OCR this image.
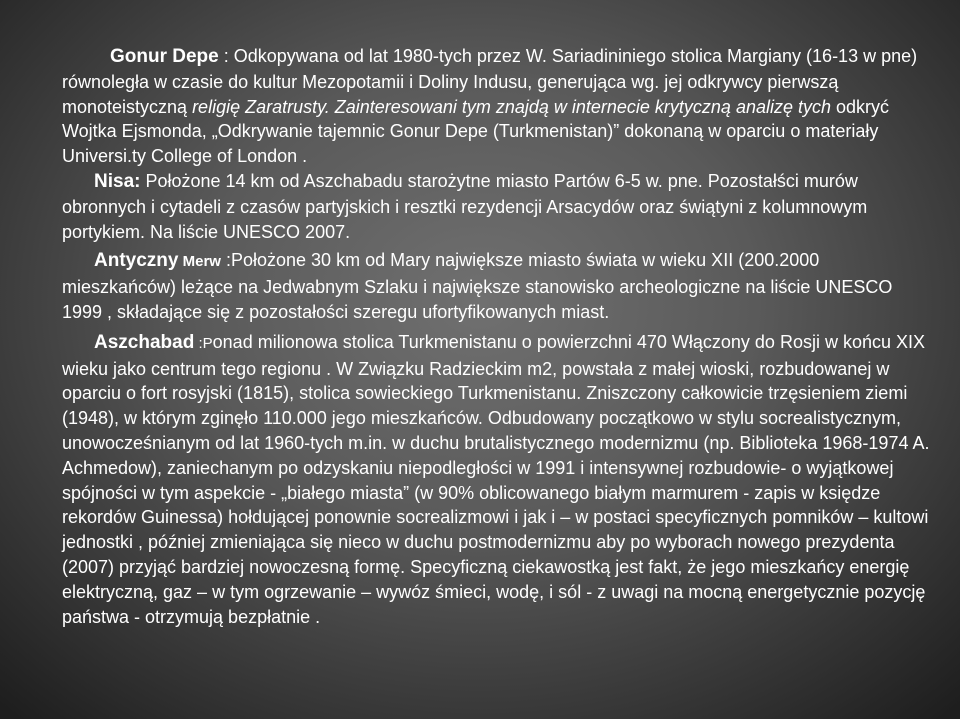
Gonur Depe : Odkopywana od lat 1980-tych przez W. Sariadininiego stolica Margiany (16-13 w pne) równoległa w czasie do kultur Mezopotamii i Doliny Indusu, generująca wg. jej odkrywcy pierwszą monoteistyczną religię Zaratrusty. Zainteresowani tym znajdą w internecie krytyczną analizę tych odkryć Wojtka Ejsmonda, „Odkrywanie tajemnic Gonur Depe (Turkmenistan)” dokonaną w oparciu o materiały Universi.ty College of London .

Nisa: Położone 14 km od Aszchabadu starożytne miasto Partów 6-5 w. pne. Pozostałści murów obronnych i cytadeli z czasów partyjskich i resztki rezydencji Arsacydów oraz świątyni z kolumnowym portykiem. Na liście UNESCO 2007.

Antyczny Merw :Położone 30 km od Mary największe miasto świata w wieku XII (200.2000 mieszkańców) leżące na Jedwabnym Szlaku i największe stanowisko archeologiczne na liście UNESCO 1999 , składające się z pozostałości szeregu ufortyfikowanych miast.

Aszchabad :Ponad milionowa stolica Turkmenistanu o powierzchni 470 Włączony do Rosji w końcu XIX wieku jako centrum tego regionu . W Związku Radzieckim m2, powstała z małej wioski, rozbudowanej w oparciu o fort rosyjski (1815), stolica sowieckiego Turkmenistanu. Zniszczony całkowicie trzęsieniem ziemi (1948), w którym zginęło 110.000 jego mieszkańców. Odbudowany początkowo w stylu socrealistycznym, unowocześnianym od lat 1960-tych m.in. w duchu brutalistycznego modernizmu (np. Biblioteka 1968-1974 A. Achmedow), zaniechanym po odzyskaniu niepodległości w 1991 i intensywnej rozbudowie- o wyjątkowej spójności w tym aspekcie - „białego miasta” (w 90% oblicowanego białym marmurem - zapis w księdze rekordów Guinessa) hołdującej ponownie socrealizmowi i jak i – w postaci specyficznych pomników – kultowi jednostki , później zmieniająca się nieco w duchu postmodernizmu aby po wyborach nowego prezydenta (2007) przyjąć bardziej nowoczesną formę. Specyficzną ciekawostką jest fakt, że jego mieszkańcy energię elektryczną, gaz – w tym ogrzewanie – wywóz śmieci, wodę, i sól - z uwagi na mocną energetycznie pozycję państwa - otrzymują bezpłatnie .
